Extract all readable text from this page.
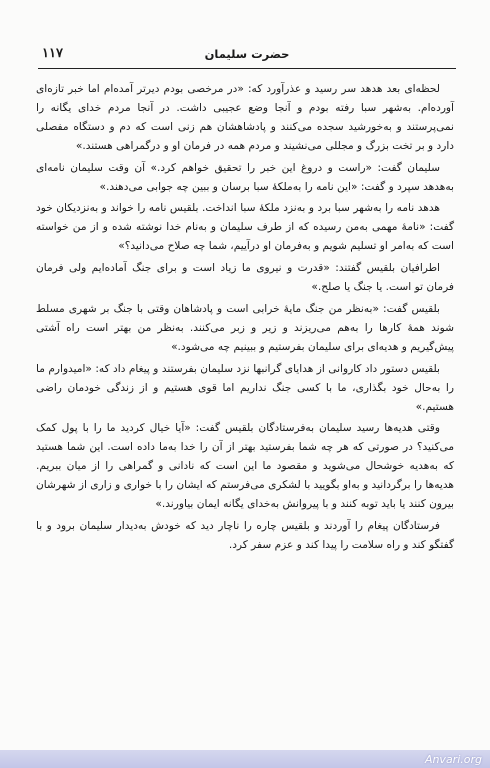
١١٧	حضرت سلیمان

لحظه‌ای بعد هدهد سر رسید و عذرآورد که: «در مرخصی بودم دیرتر آمده‌ام اما خبر تازه‌ای آورده‌ام. به‌شهر سبا رفته بودم و آنجا وضع عجیبی داشت. در آنجا مردم خدای یگانه را نمی‌پرستند و به‌خورشید سجده می‌کنند و پادشاهشان هم زنی است که دم و دستگاه مفصلی دارد و بر تخت بزرگ و مجللی می‌نشیند و مردم همه در فرمان او و درگمراهی هستند.»

سلیمان گفت: «راست و دروغ این خبر را تحقیق خواهم کرد.» آن وقت سلیمان نامه‌ای به‌هدهد سپرد و گفت: «این نامه را به‌ملکهٔ سبا برسان و ببین چه جوابی می‌دهند.»

هدهد نامه را به‌شهر سبا برد و به‌نزد ملکهٔ سبا انداخت. بلقیس نامه را خواند و به‌نزدیکان خود گفت: «نامهٔ مهمی به‌من رسیده که از طرف سلیمان و به‌نام خدا نوشته شده و از من خواسته است که به‌امر او تسلیم شویم و به‌فرمان او درآییم، شما چه صلاح می‌دانید؟»

اطرافیان بلقیس گفتند: «قدرت و نیروی ما زیاد است و برای جنگ آماده‌ایم ولی فرمان فرمان تو است. یا جنگ یا صلح.»

بلقیس گفت: «به‌نظر من جنگ مایهٔ خرابی است و پادشاهان وقتی با جنگ بر شهری مسلط شوند همهٔ کارها را به‌هم می‌ریزند و زیر و زبر می‌کنند. به‌نظر من بهتر است راه آشتی پیش‌گیریم و هدیه‌ای برای سلیمان بفرستیم و ببینیم چه می‌شود.»

بلقیس دستور داد کاروانی از هدایای گرانبها نزد سلیمان بفرستند و پیغام داد که: «امیدوارم ما را به‌حال خود بگذاری، ما با کسی جنگ نداریم اما قوی هستیم و از زندگی خودمان راضی هستیم.»

وقتی هدیه‌ها رسید سلیمان به‌فرستادگان بلقیس گفت: «آیا خیال کردید ما را با پول کمک می‌کنید؟ در صورتی که هر چه شما بفرستید بهتر از آن را خدا به‌ما داده است. این شما هستید که به‌هدیه خوشحال می‌شوید و مقصود ما این است که نادانی و گمراهی را از میان ببریم. هدیه‌ها را برگردانید و به‌او بگویید با لشکری می‌فرستم که ایشان را با خواری و زاری از شهرشان بیرون کنند یا باید توبه کنند و با پیروانش به‌خدای یگانه ایمان بیاورند.»

فرستادگان پیغام را آوردند و بلقیس چاره را ناچار دید که خودش به‌دیدار سلیمان برود و با گفتگو کند و راه سلامت را پیدا کند و عزم سفر کرد.

Anvari.org
